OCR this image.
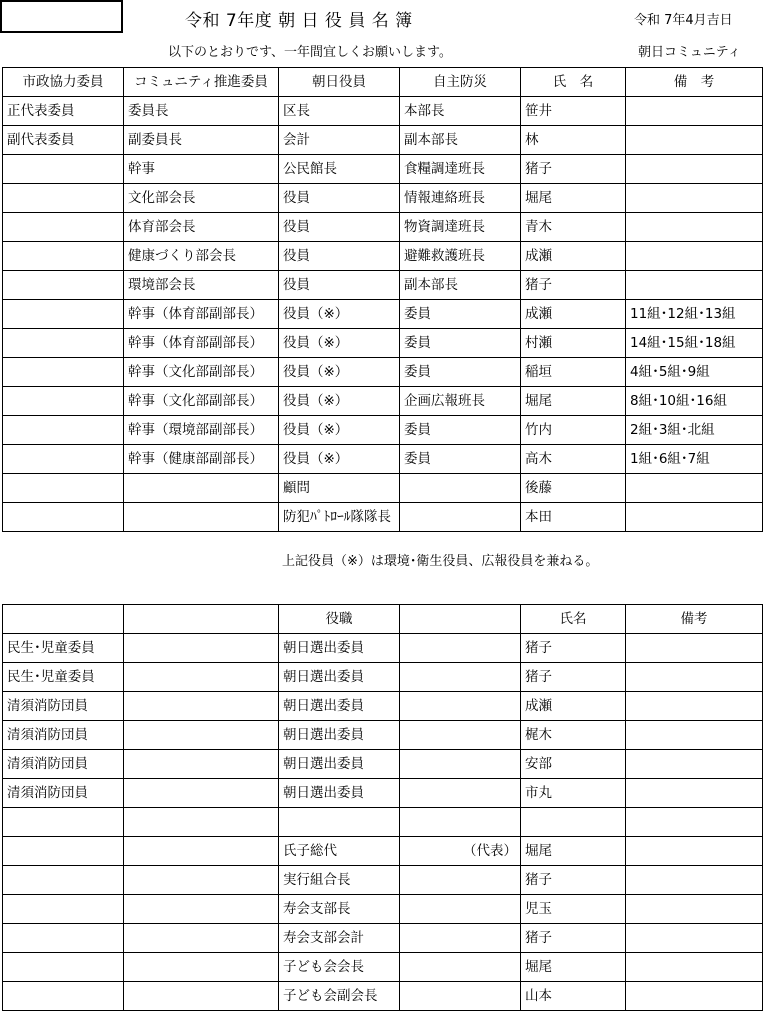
令和 7年度 朝 日 役 員 名 簿	令和 7年4月吉日
以下のとおりです、一年間宜しくお願いします。	朝日コミュニティ
市政協力委員	コミュニティ推進委員	朝日役員	自主防災	氏　名	備　考
正代表委員	委員長	区長	本部長	笹井	
副代表委員	副委員長	会計	副本部長	林	
	幹事	公民館長	食糧調達班長	猪子	
	文化部会長	役員	情報連絡班長	堀尾	
	体育部会長	役員	物資調達班長	青木	
	健康づくり部会長	役員	避難救護班長	成瀬	
	環境部会長	役員	副本部長	猪子	
	幹事（体育部副部長）	役員（※）	委員	成瀬	11組･12組･13組
	幹事（体育部副部長）	役員（※）	委員	村瀬	14組･15組･18組
	幹事（文化部副部長）	役員（※）	委員	稲垣	4組･5組･9組
	幹事（文化部副部長）	役員（※）	企画広報班長	堀尾	8組･10組･16組
	幹事（環境部副部長）	役員（※）	委員	竹内	2組･3組･北組
	幹事（健康部副部長）	役員（※）	委員	高木	1組･6組･7組
		顧問		後藤	
		防犯ﾊﾟﾄﾛｰﾙ隊隊長		本田	
上記役員（※）は環境･衛生役員、広報役員を兼ねる。
		役職		氏名	備考
民生･児童委員		朝日選出委員		猪子	
民生･児童委員		朝日選出委員		猪子	
清須消防団員		朝日選出委員		成瀬	
清須消防団員		朝日選出委員		梶木	
清須消防団員		朝日選出委員		安部	
清須消防団員		朝日選出委員		市丸	

		氏子総代	（代表）	堀尾	
		実行組合長		猪子	
		寿会支部長		児玉	
		寿会支部会計		猪子	
		子ども会会長		堀尾	
		子ども会副会長		山本	
